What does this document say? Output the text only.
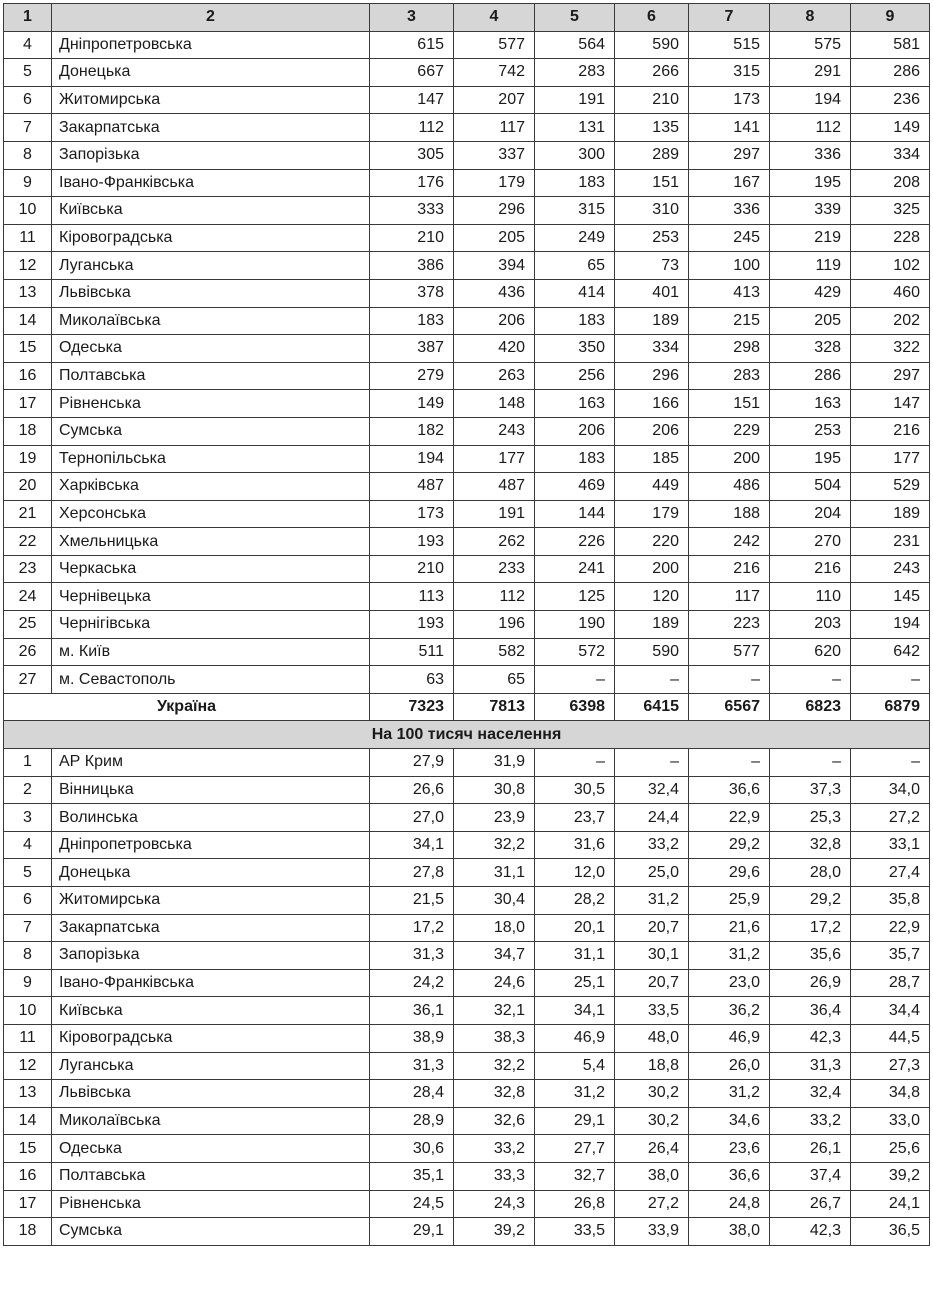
1	2	3	4	5	6	7	8	9
4	Дніпропетровська	615	577	564	590	515	575	581
5	Донецька	667	742	283	266	315	291	286
6	Житомирська	147	207	191	210	173	194	236
7	Закарпатська	112	117	131	135	141	112	149
8	Запорізька	305	337	300	289	297	336	334
9	Івано-Франківська	176	179	183	151	167	195	208
10	Київська	333	296	315	310	336	339	325
11	Кіровоградська	210	205	249	253	245	219	228
12	Луганська	386	394	65	73	100	119	102
13	Львівська	378	436	414	401	413	429	460
14	Миколаївська	183	206	183	189	215	205	202
15	Одеська	387	420	350	334	298	328	322
16	Полтавська	279	263	256	296	283	286	297
17	Рівненська	149	148	163	166	151	163	147
18	Сумська	182	243	206	206	229	253	216
19	Тернопільська	194	177	183	185	200	195	177
20	Харківська	487	487	469	449	486	504	529
21	Херсонська	173	191	144	179	188	204	189
22	Хмельницька	193	262	226	220	242	270	231
23	Черкаська	210	233	241	200	216	216	243
24	Чернівецька	113	112	125	120	117	110	145
25	Чернігівська	193	196	190	189	223	203	194
26	м. Київ	511	582	572	590	577	620	642
27	м. Севастополь	63	65	–	–	–	–	–
Україна		7323	7813	6398	6415	6567	6823	6879
На 100 тисяч населення								
1	АР Крим	27,9	31,9	–	–	–	–	–
2	Вінницька	26,6	30,8	30,5	32,4	36,6	37,3	34,0
3	Волинська	27,0	23,9	23,7	24,4	22,9	25,3	27,2
4	Дніпропетровська	34,1	32,2	31,6	33,2	29,2	32,8	33,1
5	Донецька	27,8	31,1	12,0	25,0	29,6	28,0	27,4
6	Житомирська	21,5	30,4	28,2	31,2	25,9	29,2	35,8
7	Закарпатська	17,2	18,0	20,1	20,7	21,6	17,2	22,9
8	Запорізька	31,3	34,7	31,1	30,1	31,2	35,6	35,7
9	Івано-Франківська	24,2	24,6	25,1	20,7	23,0	26,9	28,7
10	Київська	36,1	32,1	34,1	33,5	36,2	36,4	34,4
11	Кіровоградська	38,9	38,3	46,9	48,0	46,9	42,3	44,5
12	Луганська	31,3	32,2	5,4	18,8	26,0	31,3	27,3
13	Львівська	28,4	32,8	31,2	30,2	31,2	32,4	34,8
14	Миколаївська	28,9	32,6	29,1	30,2	34,6	33,2	33,0
15	Одеська	30,6	33,2	27,7	26,4	23,6	26,1	25,6
16	Полтавська	35,1	33,3	32,7	38,0	36,6	37,4	39,2
17	Рівненська	24,5	24,3	26,8	27,2	24,8	26,7	24,1
18	Сумська	29,1	39,2	33,5	33,9	38,0	42,3	36,5
